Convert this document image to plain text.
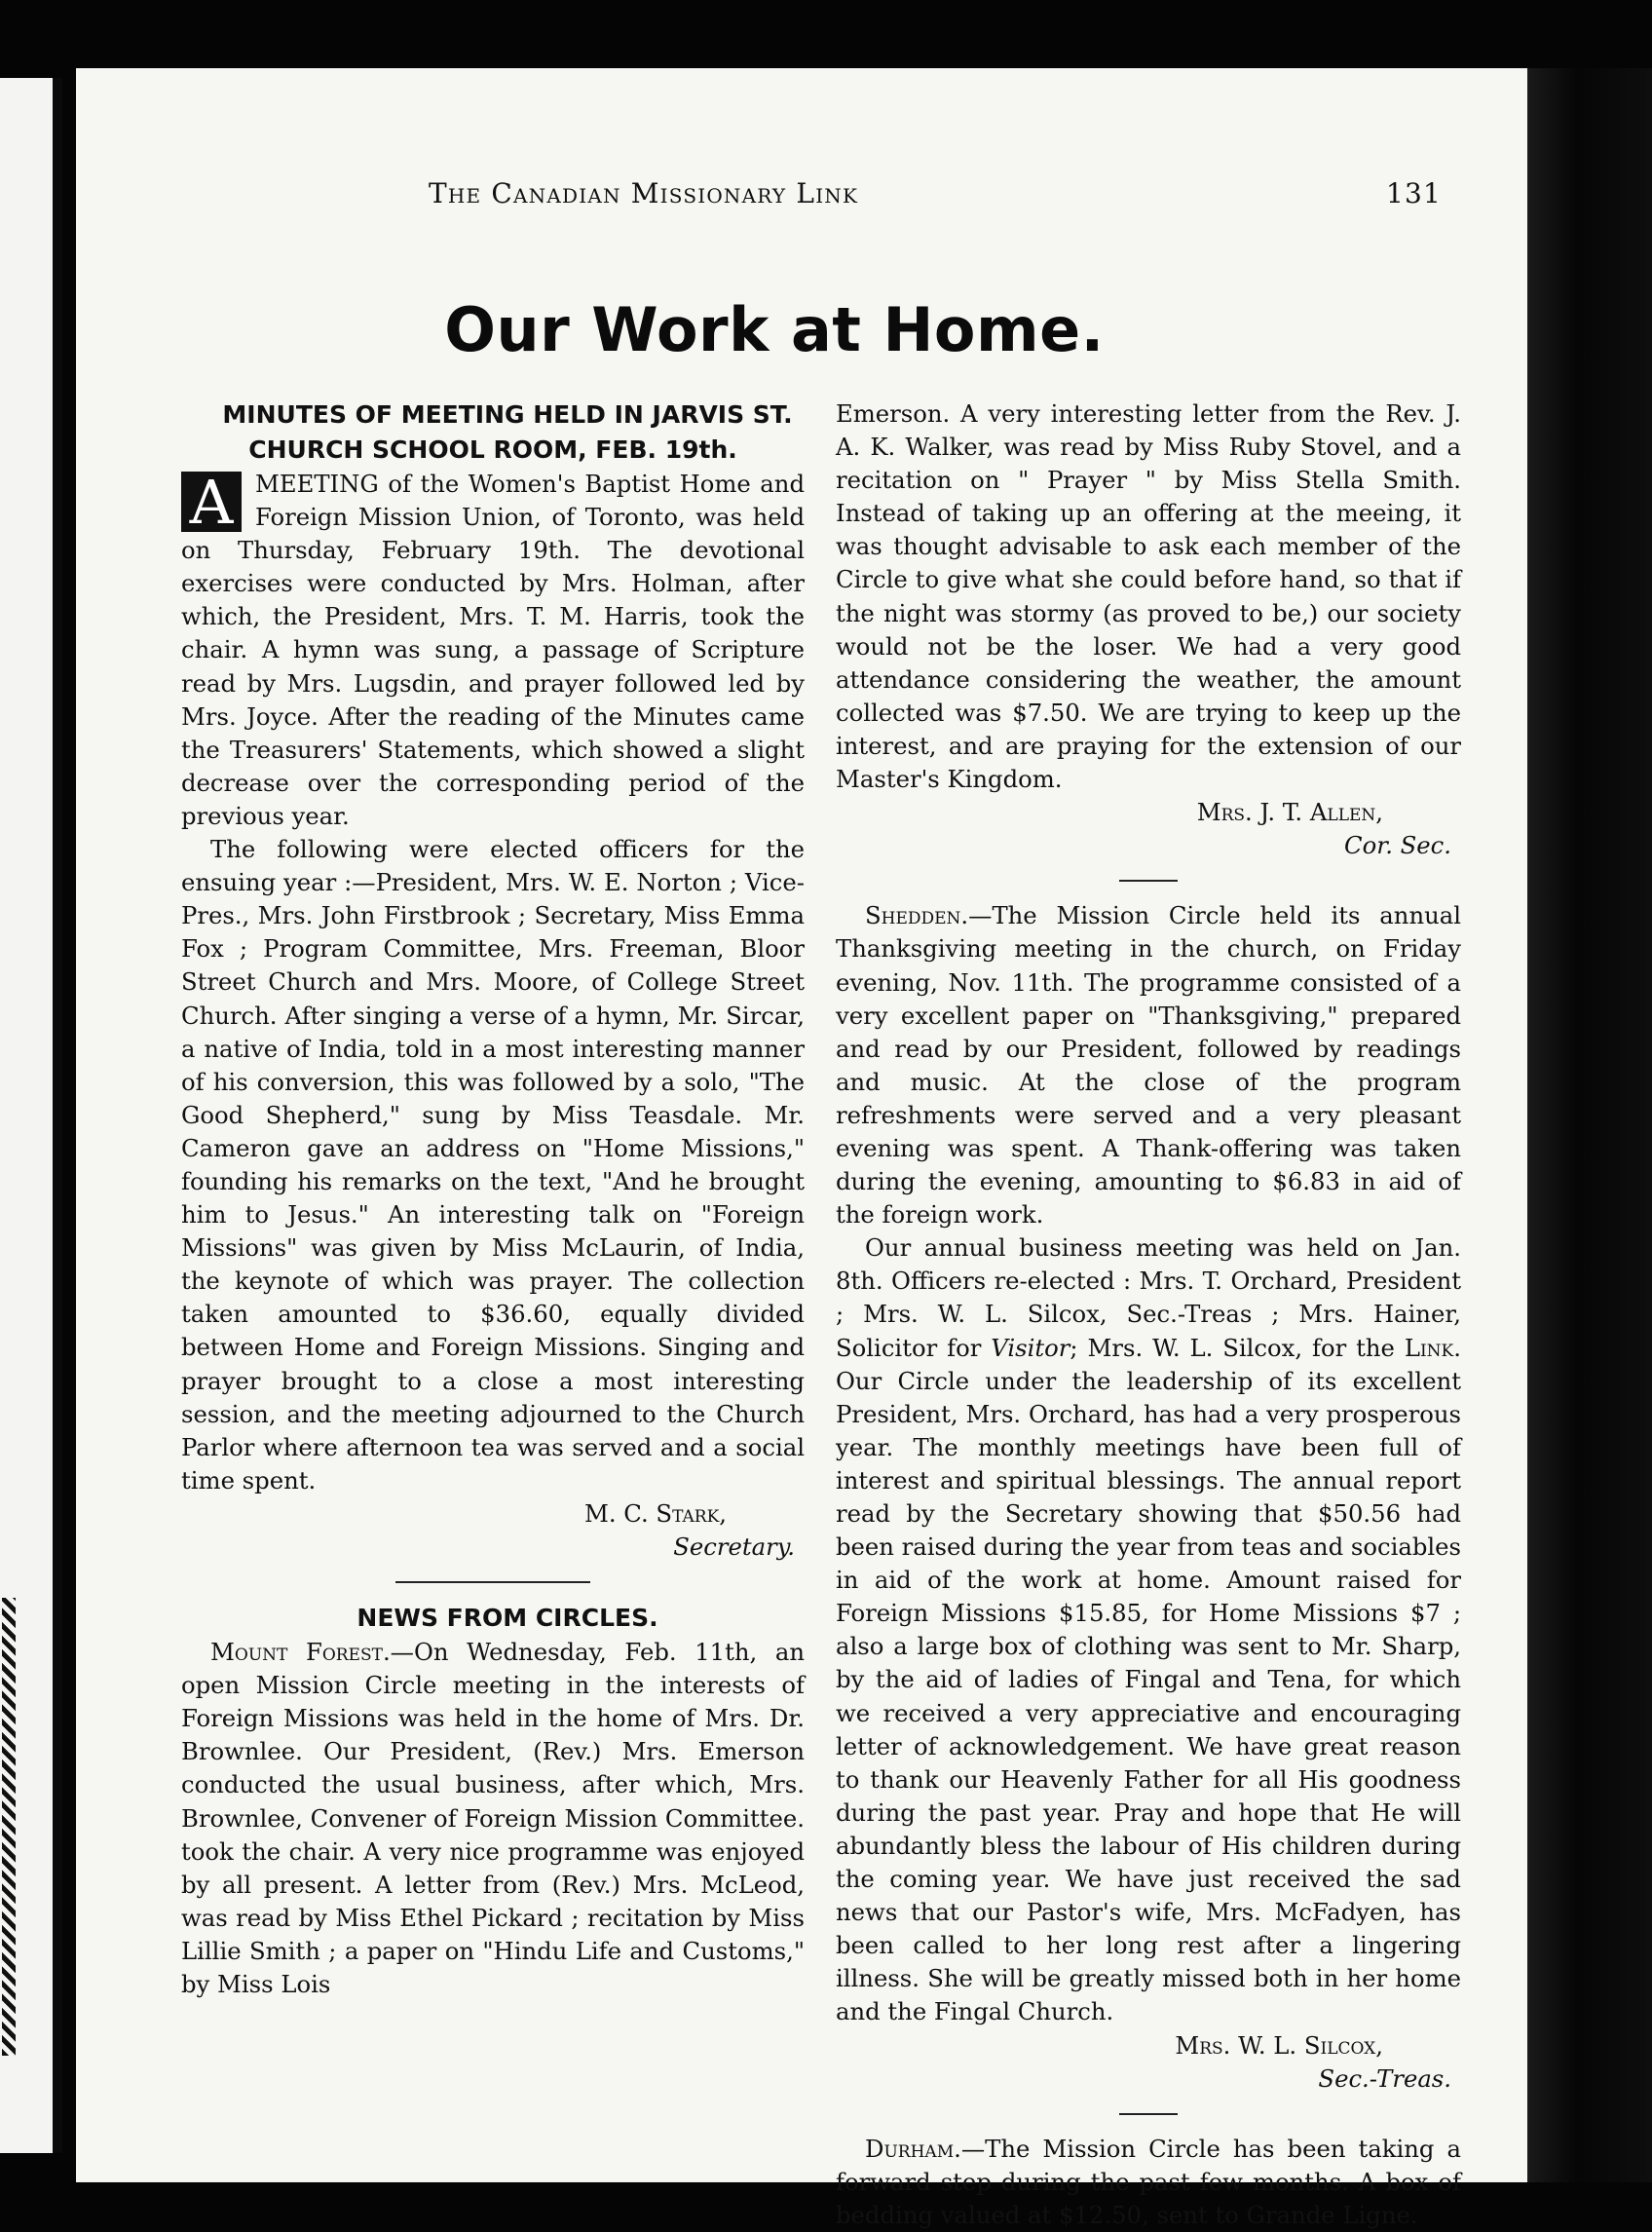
The Canadian Missionary Link	131
Our Work at Home.

MINUTES OF MEETING HELD IN JARVIS ST. CHURCH SCHOOL ROOM, FEB. 19th.

A MEETING of the Women's Baptist Home and Foreign Mission Union, of Toronto, was held on Thursday, February 19th. The devotional exercises were conducted by Mrs. Holman, after which, the President, Mrs. T. M. Harris, took the chair. A hymn was sung, a passage of Scripture read by Mrs. Lugsdin, and prayer followed led by Mrs. Joyce. After the reading of the Minutes came the Treasurers' Statements, which showed a slight decrease over the corresponding period of the previous year.

The following were elected officers for the ensuing year :—President, Mrs. W. E. Norton ; Vice-Pres., Mrs. John Firstbrook ; Secretary, Miss Emma Fox ; Program Committee, Mrs. Freeman, Bloor Street Church and Mrs. Moore, of College Street Church. After singing a verse of a hymn, Mr. Sircar, a native of India, told in a most interesting manner of his conversion, this was followed by a solo, "The Good Shepherd," sung by Miss Teasdale. Mr. Cameron gave an address on "Home Missions," founding his remarks on the text, "And he brought him to Jesus." An interesting talk on "Foreign Missions" was given by Miss McLaurin, of India, the keynote of which was prayer. The collection taken amounted to $36.60, equally divided between Home and Foreign Missions. Singing and prayer brought to a close a most interesting session, and the meeting adjourned to the Church Parlor where afternoon tea was served and a social time spent.

M. C. Stark,

Secretary.

NEWS FROM CIRCLES.

Mount Forest.—On Wednesday, Feb. 11th, an open Mission Circle meeting in the interests of Foreign Missions was held in the home of Mrs. Dr. Brownlee. Our President, (Rev.) Mrs. Emerson conducted the usual business, after which, Mrs. Brownlee, Convener of Foreign Mission Committee. took the chair. A very nice programme was enjoyed by all present. A letter from (Rev.) Mrs. McLeod, was read by Miss Ethel Pickard ; recitation by Miss Lillie Smith ; a paper on "Hindu Life and Customs," by Miss Lois

Emerson. A very interesting letter from the Rev. J. A. K. Walker, was read by Miss Ruby Stovel, and a recitation on " Prayer " by Miss Stella Smith. Instead of taking up an offering at the meeing, it was thought advisable to ask each member of the Circle to give what she could before hand, so that if the night was stormy (as proved to be,) our society would not be the loser. We had a very good attendance considering the weather, the amount collected was $7.50. We are trying to keep up the interest, and are praying for the extension of our Master's Kingdom.

Mrs. J. T. Allen,

Cor. Sec.

Shedden.—The Mission Circle held its annual Thanksgiving meeting in the church, on Friday evening, Nov. 11th. The programme consisted of a very excellent paper on "Thanksgiving," prepared and read by our President, followed by readings and music. At the close of the program refreshments were served and a very pleasant evening was spent. A Thank-offering was taken during the evening, amounting to $6.83 in aid of the foreign work.

Our annual business meeting was held on Jan. 8th. Officers re-elected : Mrs. T. Orchard, President ; Mrs. W. L. Silcox, Sec.-Treas ; Mrs. Hainer, Solicitor for Visitor; Mrs. W. L. Silcox, for the Link. Our Circle under the leadership of its excellent President, Mrs. Orchard, has had a very prosperous year. The monthly meetings have been full of interest and spiritual blessings. The annual report read by the Secretary showing that $50.56 had been raised during the year from teas and sociables in aid of the work at home. Amount raised for Foreign Missions $15.85, for Home Missions $7 ; also a large box of clothing was sent to Mr. Sharp, by the aid of ladies of Fingal and Tena, for which we received a very appreciative and encouraging letter of acknowledgement. We have great reason to thank our Heavenly Father for all His goodness during the past year. Pray and hope that He will abundantly bless the labour of His children during the coming year. We have just received the sad news that our Pastor's wife, Mrs. McFadyen, has been called to her long rest after a lingering illness. She will be greatly missed both in her home and the Fingal Church.

Mrs. W. L. Silcox,

Sec.-Treas.

Durham.—The Mission Circle has been taking a forward step during the past few months. A box of bedding valued at $12.50, sent to Grande Ligne.
